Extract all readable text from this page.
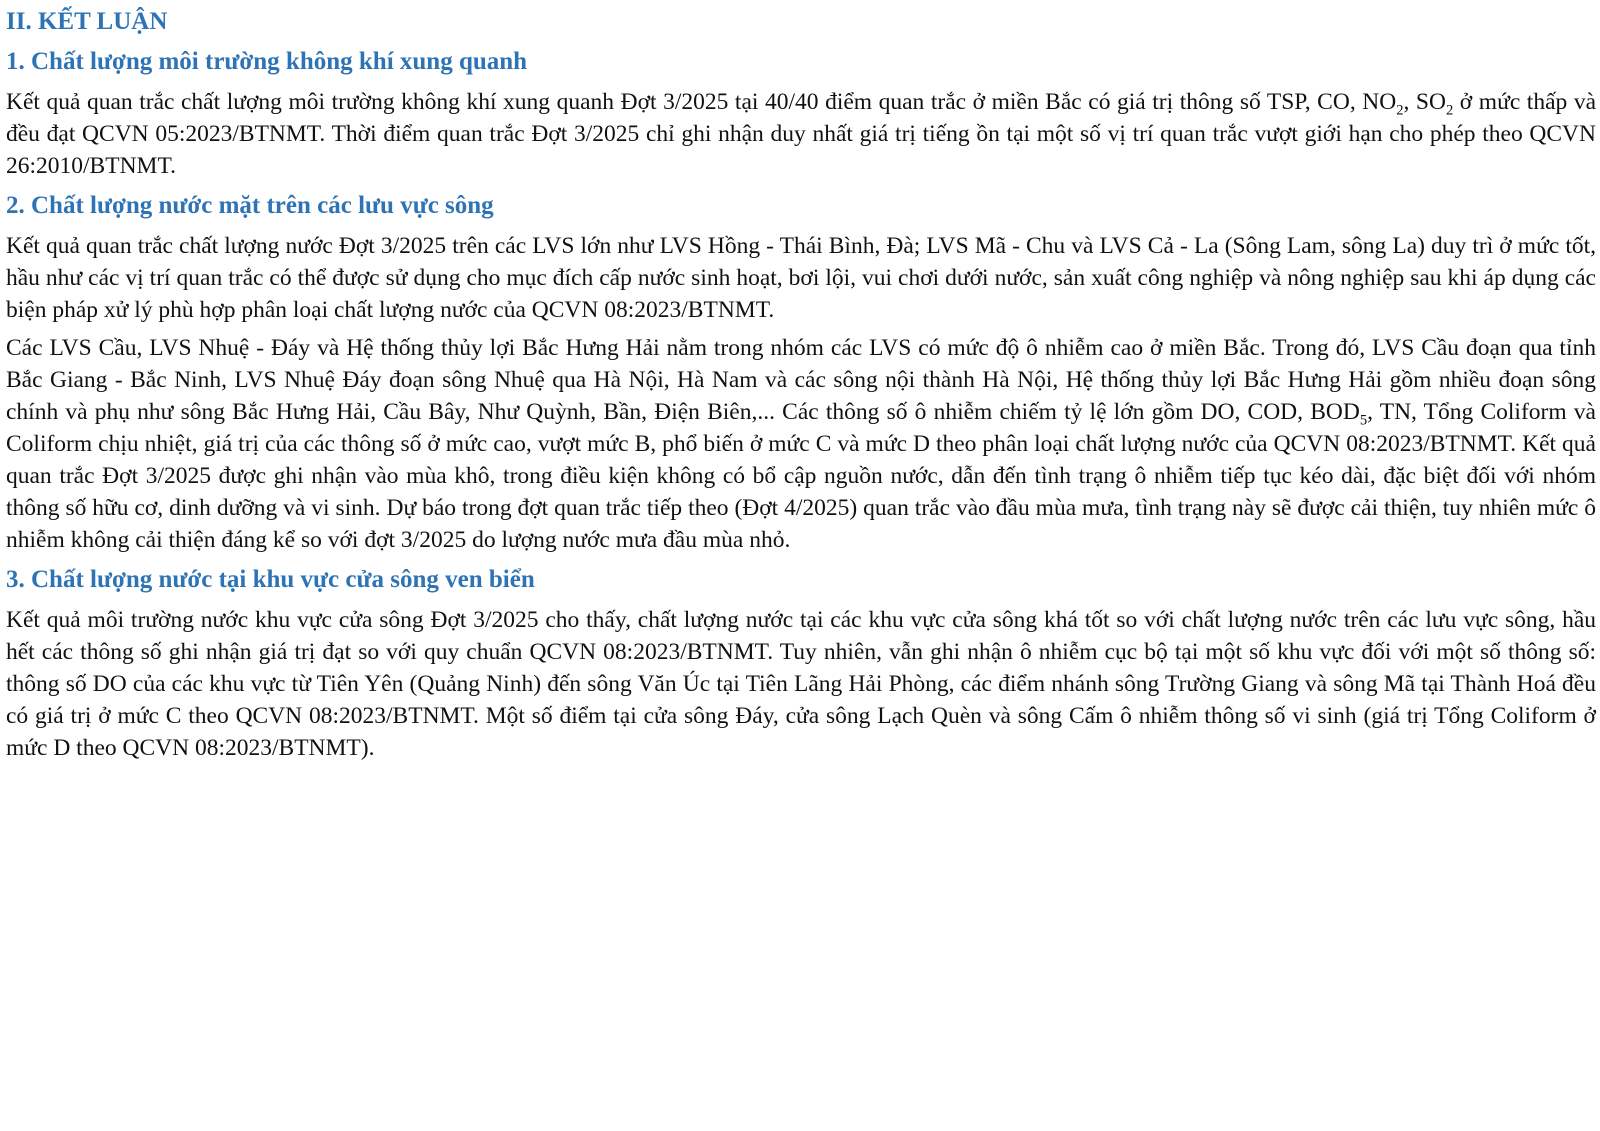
II. KẾT LUẬN
1. Chất lượng môi trường không khí xung quanh

Kết quả quan trắc chất lượng môi trường không khí xung quanh Đợt 3/2025 tại 40/40 điểm quan trắc ở miền Bắc có giá trị thông số TSP, CO, $NO_2$, $SO_2$ ở mức thấp và đều đạt QCVN 05:2023/BTNMT. Thời điểm quan trắc Đợt 3/2025 chỉ ghi nhận duy nhất giá trị tiếng ồn tại một số vị trí quan trắc vượt giới hạn cho phép theo QCVN 26:2010/BTNMT.

2. Chất lượng nước mặt trên các lưu vực sông

Kết quả quan trắc chất lượng nước Đợt 3/2025 trên các LVS lớn như LVS Hồng - Thái Bình, Đà; LVS Mã - Chu và LVS Cả - La (Sông Lam, sông La) duy trì ở mức tốt, hầu như các vị trí quan trắc có thể được sử dụng cho mục đích cấp nước sinh hoạt, bơi lội, vui chơi dưới nước, sản xuất công nghiệp và nông nghiệp sau khi áp dụng các biện pháp xử lý phù hợp phân loại chất lượng nước của QCVN 08:2023/BTNMT.

Các LVS Cầu, LVS Nhuệ - Đáy và Hệ thống thủy lợi Bắc Hưng Hải nằm trong nhóm các LVS có mức độ ô nhiễm cao ở miền Bắc. Trong đó, LVS Cầu đoạn qua tỉnh Bắc Giang - Bắc Ninh, LVS Nhuệ Đáy đoạn sông Nhuệ qua Hà Nội, Hà Nam và các sông nội thành Hà Nội, Hệ thống thủy lợi Bắc Hưng Hải gồm nhiều đoạn sông chính và phụ như sông Bắc Hưng Hải, Cầu Bây, Như Quỳnh, Bần, Điện Biên,... Các thông số ô nhiễm chiếm tỷ lệ lớn gồm DO, COD, $BOD_5$, TN, Tổng Coliform và Coliform chịu nhiệt, giá trị của các thông số ở mức cao, vượt mức B, phổ biến ở mức C và mức D theo phân loại chất lượng nước của QCVN 08:2023/BTNMT. Kết quả quan trắc Đợt 3/2025 được ghi nhận vào mùa khô, trong điều kiện không có bổ cập nguồn nước, dẫn đến tình trạng ô nhiễm tiếp tục kéo dài, đặc biệt đối với nhóm thông số hữu cơ, dinh dưỡng và vi sinh. Dự báo trong đợt quan trắc tiếp theo (Đợt 4/2025) quan trắc vào đầu mùa mưa, tình trạng này sẽ được cải thiện, tuy nhiên mức ô nhiễm không cải thiện đáng kể so với đợt 3/2025 do lượng nước mưa đầu mùa nhỏ.

3. Chất lượng nước tại khu vực cửa sông ven biển

Kết quả môi trường nước khu vực cửa sông Đợt 3/2025 cho thấy, chất lượng nước tại các khu vực cửa sông khá tốt so với chất lượng nước trên các lưu vực sông, hầu hết các thông số ghi nhận giá trị đạt so với quy chuẩn QCVN 08:2023/BTNMT. Tuy nhiên, vẫn ghi nhận ô nhiễm cục bộ tại một số khu vực đối với một số thông số: thông số DO của các khu vực từ Tiên Yên (Quảng Ninh) đến sông Văn Úc tại Tiên Lãng Hải Phòng, các điểm nhánh sông Trường Giang và sông Mã tại Thành Hoá đều có giá trị ở mức C theo QCVN 08:2023/BTNMT. Một số điểm tại cửa sông Đáy, cửa sông Lạch Quèn và sông Cấm ô nhiễm thông số vi sinh (giá trị Tổng Coliform ở mức D theo QCVN 08:2023/BTNMT).
